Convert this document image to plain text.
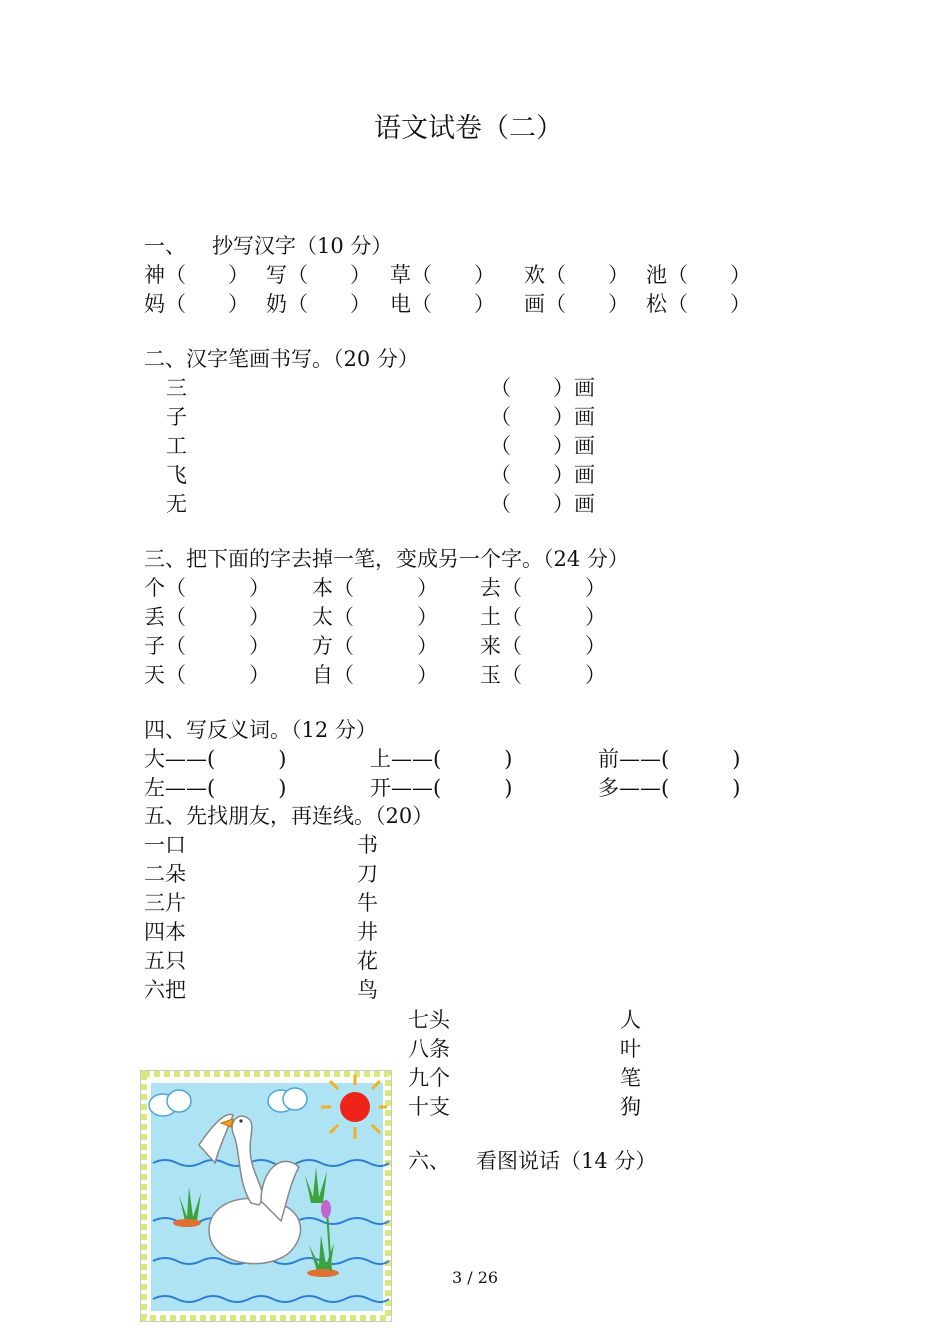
语文试卷（二）
一、 抄写汉字（10 分）
神（　　） 写（　　） 草（　　） 欢（　　） 池（　　）
妈（　　） 奶（　　） 电（　　） 画（　　） 松（　　）
二、汉字笔画书写。（20 分）
三	（　　）画
子	（　　）画
工	（　　）画
飞	（　　）画
无	（　　）画
三、把下面的字去掉一笔，变成另一个字。（24 分）
个（　　　） 本（　　　） 去（　　　）
丢（　　　） 太（　　　） 土（　　　）
子（　　　） 方（　　　） 来（　　　）
天（　　　） 自（　　　） 玉（　　　）
四、写反义词。（12 分）
大——(　　　)	上——(　　　)	前——(　　　)
左——(　　　)	开——(　　　)	多——(　　　)
五、先找朋友，再连线。（20）
一口	书
二朵	刀
三片	牛
四本	井
五只	花
六把	鸟
七头	人
八条	叶
九个	笔
十支	狗
六、 看图说话（14 分）
3 / 26
